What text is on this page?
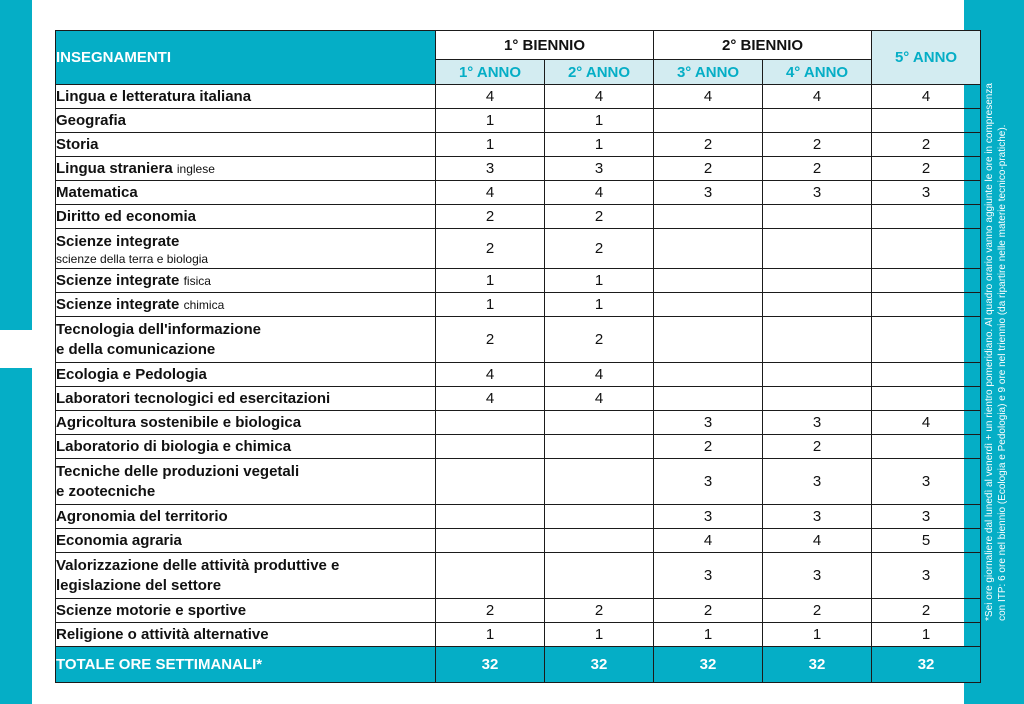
INSEGNAMENTI	1° BIENNIO		2° BIENNIO		5° ANNO
	1° ANNO	2° ANNO	3° ANNO	4° ANNO	
Lingua e letteratura italiana	4	4	4	4	4
Geografia	1	1			
Storia	1	1	2	2	2
Lingua straniera inglese	3	3	2	2	2
Matematica	4	4	3	3	3
Diritto ed economia	2	2			
Scienze integrate
scienze della terra e biologia	2	2			
Scienze integrate fisica	1	1			
Scienze integrate chimica	1	1			
Tecnologia dell'informazione
e della comunicazione	2	2			
Ecologia e Pedologia	4	4			
Laboratori tecnologici ed esercitazioni	4	4			
Agricoltura sostenibile e biologica			3	3	4
Laboratorio di biologia e chimica			2	2	
Tecniche delle produzioni vegetali
e zootecniche			3	3	3
Agronomia del territorio			3	3	3
Economia agraria			4	4	5
Valorizzazione delle attività produttive e
legislazione del settore			3	3	3
Scienze motorie e sportive	2	2	2	2	2
Religione o attività alternative	1	1	1	1	1
TOTALE ORE SETTIMANALI*	32	32	32	32	32
*Sei ore giornaliere dal lunedì al venerdì + un rientro pomeridiano. Al quadro orario vanno aggiunte le ore in compresenza con ITP: 6 ore nel biennio (Ecologia e Pedologia) e 9 ore nel triennio (da ripartire nelle materie tecnico-pratiche).
